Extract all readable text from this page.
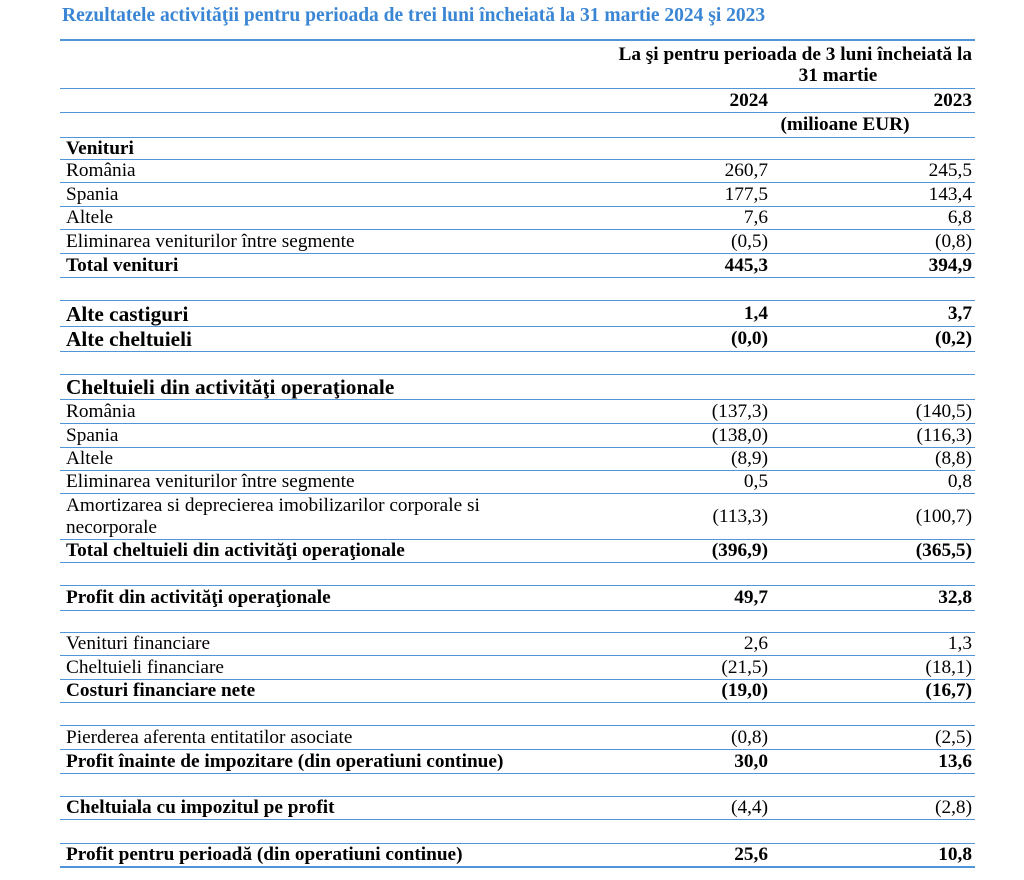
Rezultatele activităţii pentru perioada de trei luni încheiată la 31 martie 2024 şi 2023
La şi pentru perioada de 3 luni încheiată la
31 martie
2024	2023
(milioane EUR)
Venituri
România	260,7	245,5
Spania	177,5	143,4
Altele	7,6	6,8
Eliminarea veniturilor între segmente	(0,5)	(0,8)
Total venituri	445,3	394,9
Alte castiguri	1,4	3,7
Alte cheltuieli	(0,0)	(0,2)
Cheltuieli din activităţi operaţionale
România	(137,3)	(140,5)
Spania	(138,0)	(116,3)
Altele	(8,9)	(8,8)
Eliminarea veniturilor între segmente	0,5	0,8
Amortizarea si deprecierea imobilizarilor corporale si necorporale
(113,3)	(100,7)
Total cheltuieli din activităţi operaţionale	(396,9)	(365,5)
Profit din activităţi operaţionale	49,7	32,8
Venituri financiare	2,6	1,3
Cheltuieli financiare	(21,5)	(18,1)
Costuri financiare nete	(19,0)	(16,7)
Pierderea aferenta entitatilor asociate	(0,8)	(2,5)
Profit înainte de impozitare (din operatiuni continue)	30,0	13,6
Cheltuiala cu impozitul pe profit	(4,4)	(2,8)
Profit pentru perioadă (din operatiuni continue)	25,6	10,8
